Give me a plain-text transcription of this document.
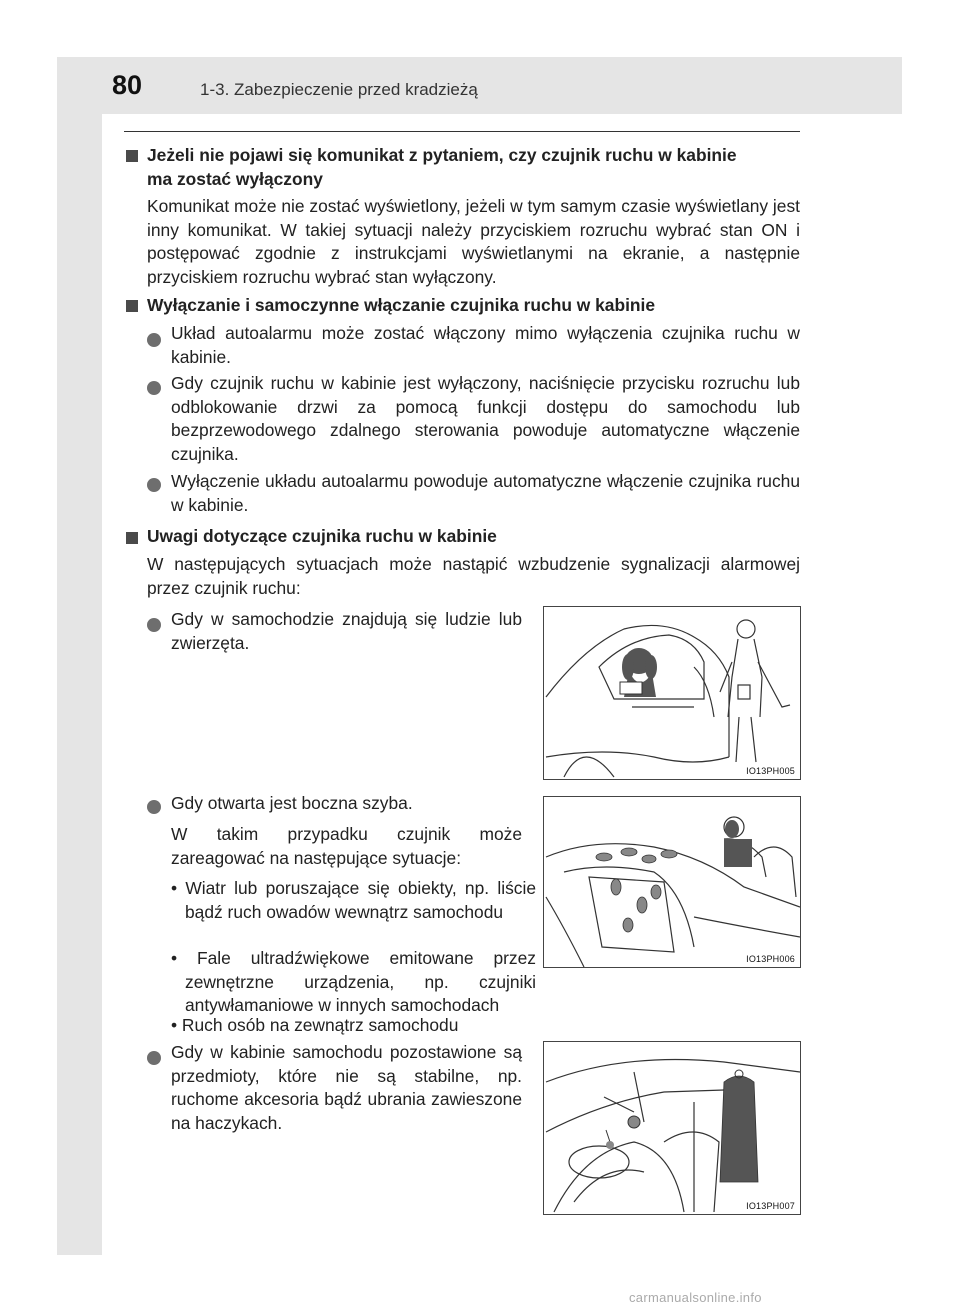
80	1-3. Zabezpieczenie przed kradzieżą

Jeżeli nie pojawi się komunikat z pytaniem, czy czujnik ruchu w kabinie
ma zostać wyłączony

Komunikat może nie zostać wyświetlony, jeżeli w tym samym czasie wyświetlany jest inny komunikat. W takiej sytuacji należy przyciskiem rozruchu wybrać stan ON i postępować zgodnie z instrukcjami wyświetlanymi na ekranie, a następnie przyciskiem rozruchu wybrać stan wyłączony.

Wyłączanie i samoczynne włączanie czujnika ruchu w kabinie

Układ autoalarmu może zostać włączony mimo wyłączenia czujnika ruchu w kabinie.

Gdy czujnik ruchu w kabinie jest wyłączony, naciśnięcie przycisku rozruchu lub odblokowanie drzwi za pomocą funkcji dostępu do samochodu lub bezprzewodowego zdalnego sterowania powoduje automatyczne włączenie czujnika.

Wyłączenie układu autoalarmu powoduje automatyczne włączenie czujnika ruchu w kabinie.

Uwagi dotyczące czujnika ruchu w kabinie

W następujących sytuacjach może nastąpić wzbudzenie sygnalizacji alarmowej przez czujnik ruchu:

Gdy w samochodzie znajdują się ludzie lub zwierzęta.

Gdy otwarta jest boczna szyba.

W takim przypadku czujnik może zareagować na następujące sytuacje:

• Wiatr lub poruszające się obiekty, np. liście bądź ruch owadów wewnątrz samochodu

• Fale ultradźwiękowe emitowane przez zewnętrzne urządzenia, np. czujniki antywłamaniowe w innych samochodach

• Ruch osób na zewnątrz samochodu

Gdy w kabinie samochodu pozostawione są przedmioty, które nie są stabilne, np. ruchome akcesoria bądź ubrania zawieszone na haczykach.

IO13PH005
IO13PH006
IO13PH007
carmanualsonline.info
